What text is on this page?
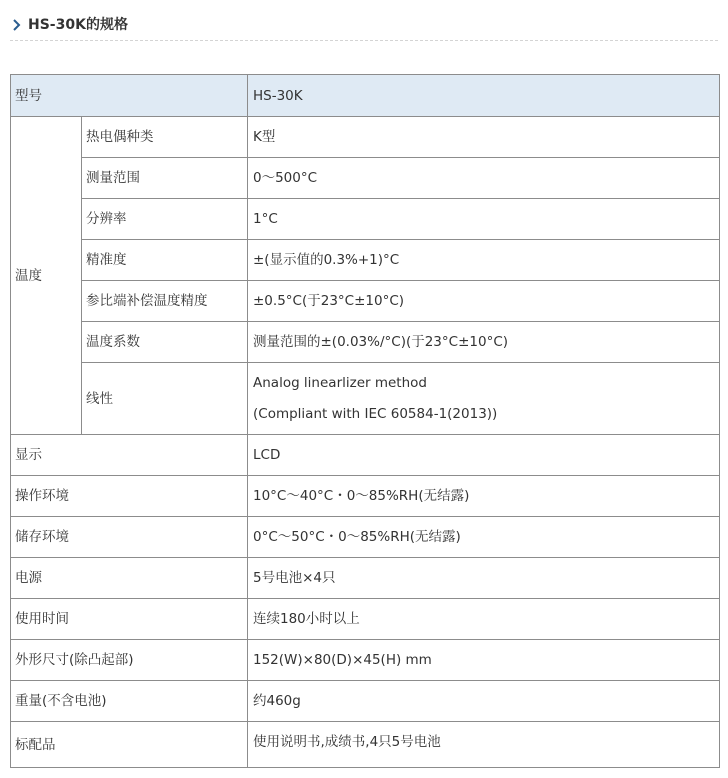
HS-30K的规格
型号		HS-30K
温度	热电偶种类	K型
	测量范围	0～500°C
	分辨率	1°C
	精准度	±(显示值的0.3%+1)°C
	参比端补偿温度精度	±0.5°C(于23°C±10°C)
	温度系数	测量范围的±(0.03%/°C)(于23°C±10°C)
	线性	Analog linearlizer method
(Compliant with IEC 60584-1(2013))

显示		LCD
操作环境		10°C～40°C・0～85%RH(无结露)
储存环境		0°C～50°C・0～85%RH(无结露)
电源		5号电池×4只
使用时间		连续180小时以上
外形尺寸(除凸起部)		152(W)×80(D)×45(H) mm
重量(不含电池)		约460g
标配品		使用说明书,成绩书,4只5号电池
